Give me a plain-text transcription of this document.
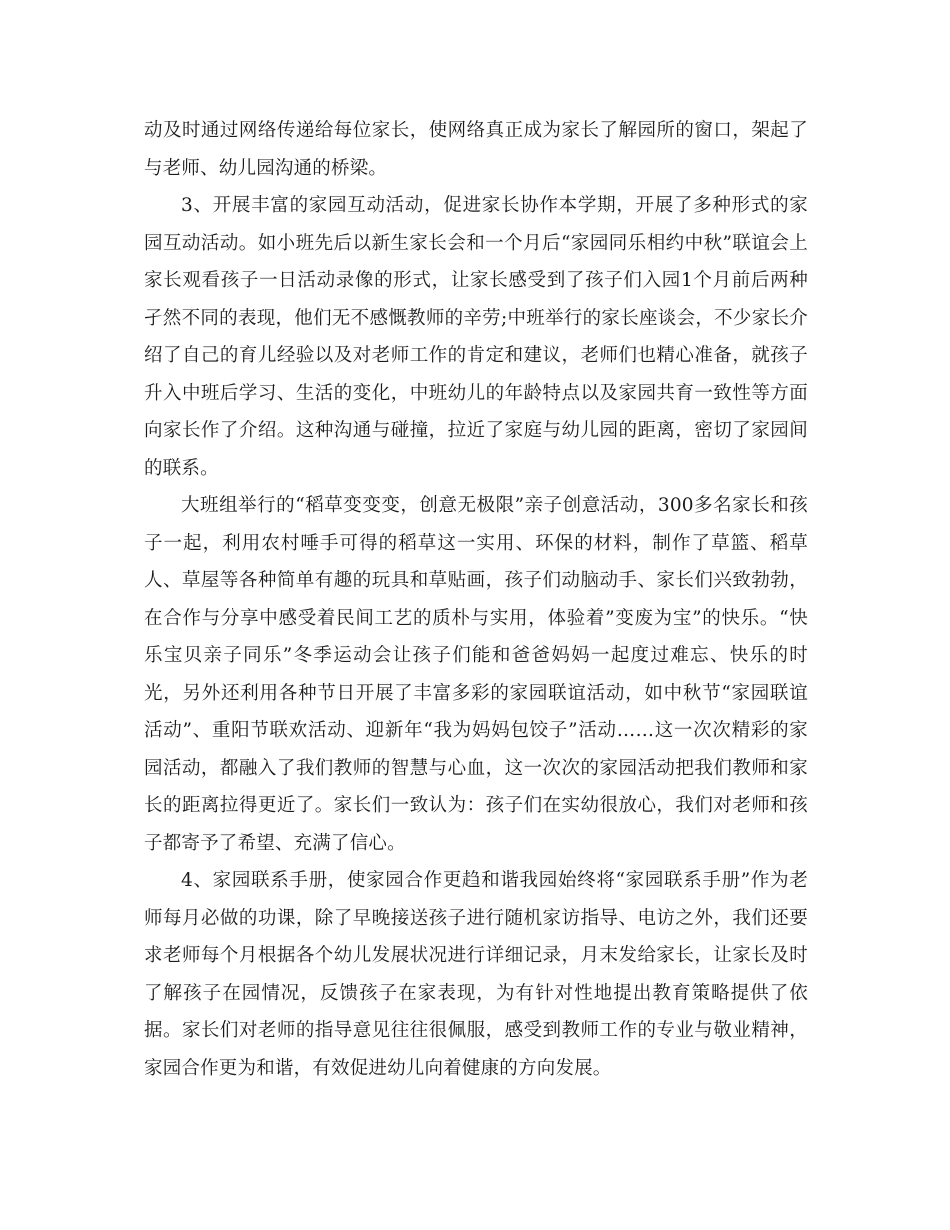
动及时通过网络传递给每位家长，使网络真正成为家长了解园所的窗口，架起了与老师、幼儿园沟通的桥梁。

3、开展丰富的家园互动活动，促进家长协作本学期，开展了多种形式的家园互动活动。如小班先后以新生家长会和一个月后“家园同乐相约中秋”联谊会上家长观看孩子一日活动录像的形式，让家长感受到了孩子们入园1个月前后两种孑然不同的表现，他们无不感慨教师的辛劳;中班举行的家长座谈会，不少家长介绍了自己的育儿经验以及对老师工作的肯定和建议，老师们也精心准备，就孩子升入中班后学习、生活的变化，中班幼儿的年龄特点以及家园共育一致性等方面向家长作了介绍。这种沟通与碰撞，拉近了家庭与幼儿园的距离，密切了家园间的联系。

大班组举行的“稻草变变变，创意无极限”亲子创意活动，300多名家长和孩子一起，利用农村唾手可得的稻草这一实用、环保的材料，制作了草篮、稻草人、草屋等各种简单有趣的玩具和草贴画，孩子们动脑动手、家长们兴致勃勃，在合作与分享中感受着民间工艺的质朴与实用，体验着”变废为宝”的快乐。“快乐宝贝亲子同乐”冬季运动会让孩子们能和爸爸妈妈一起度过难忘、快乐的时光，另外还利用各种节日开展了丰富多彩的家园联谊活动，如中秋节“家园联谊活动”、重阳节联欢活动、迎新年“我为妈妈包饺子”活动……这一次次精彩的家园活动，都融入了我们教师的智慧与心血，这一次次的家园活动把我们教师和家长的距离拉得更近了。家长们一致认为：孩子们在实幼很放心，我们对老师和孩子都寄予了希望、充满了信心。

4、家园联系手册，使家园合作更趋和谐我园始终将“家园联系手册”作为老师每月必做的功课，除了早晚接送孩子进行随机家访指导、电访之外，我们还要求老师每个月根据各个幼儿发展状况进行详细记录，月末发给家长，让家长及时了解孩子在园情况，反馈孩子在家表现，为有针对性地提出教育策略提供了依据。家长们对老师的指导意见往往很佩服，感受到教师工作的专业与敬业精神，家园合作更为和谐，有效促进幼儿向着健康的方向发展。
